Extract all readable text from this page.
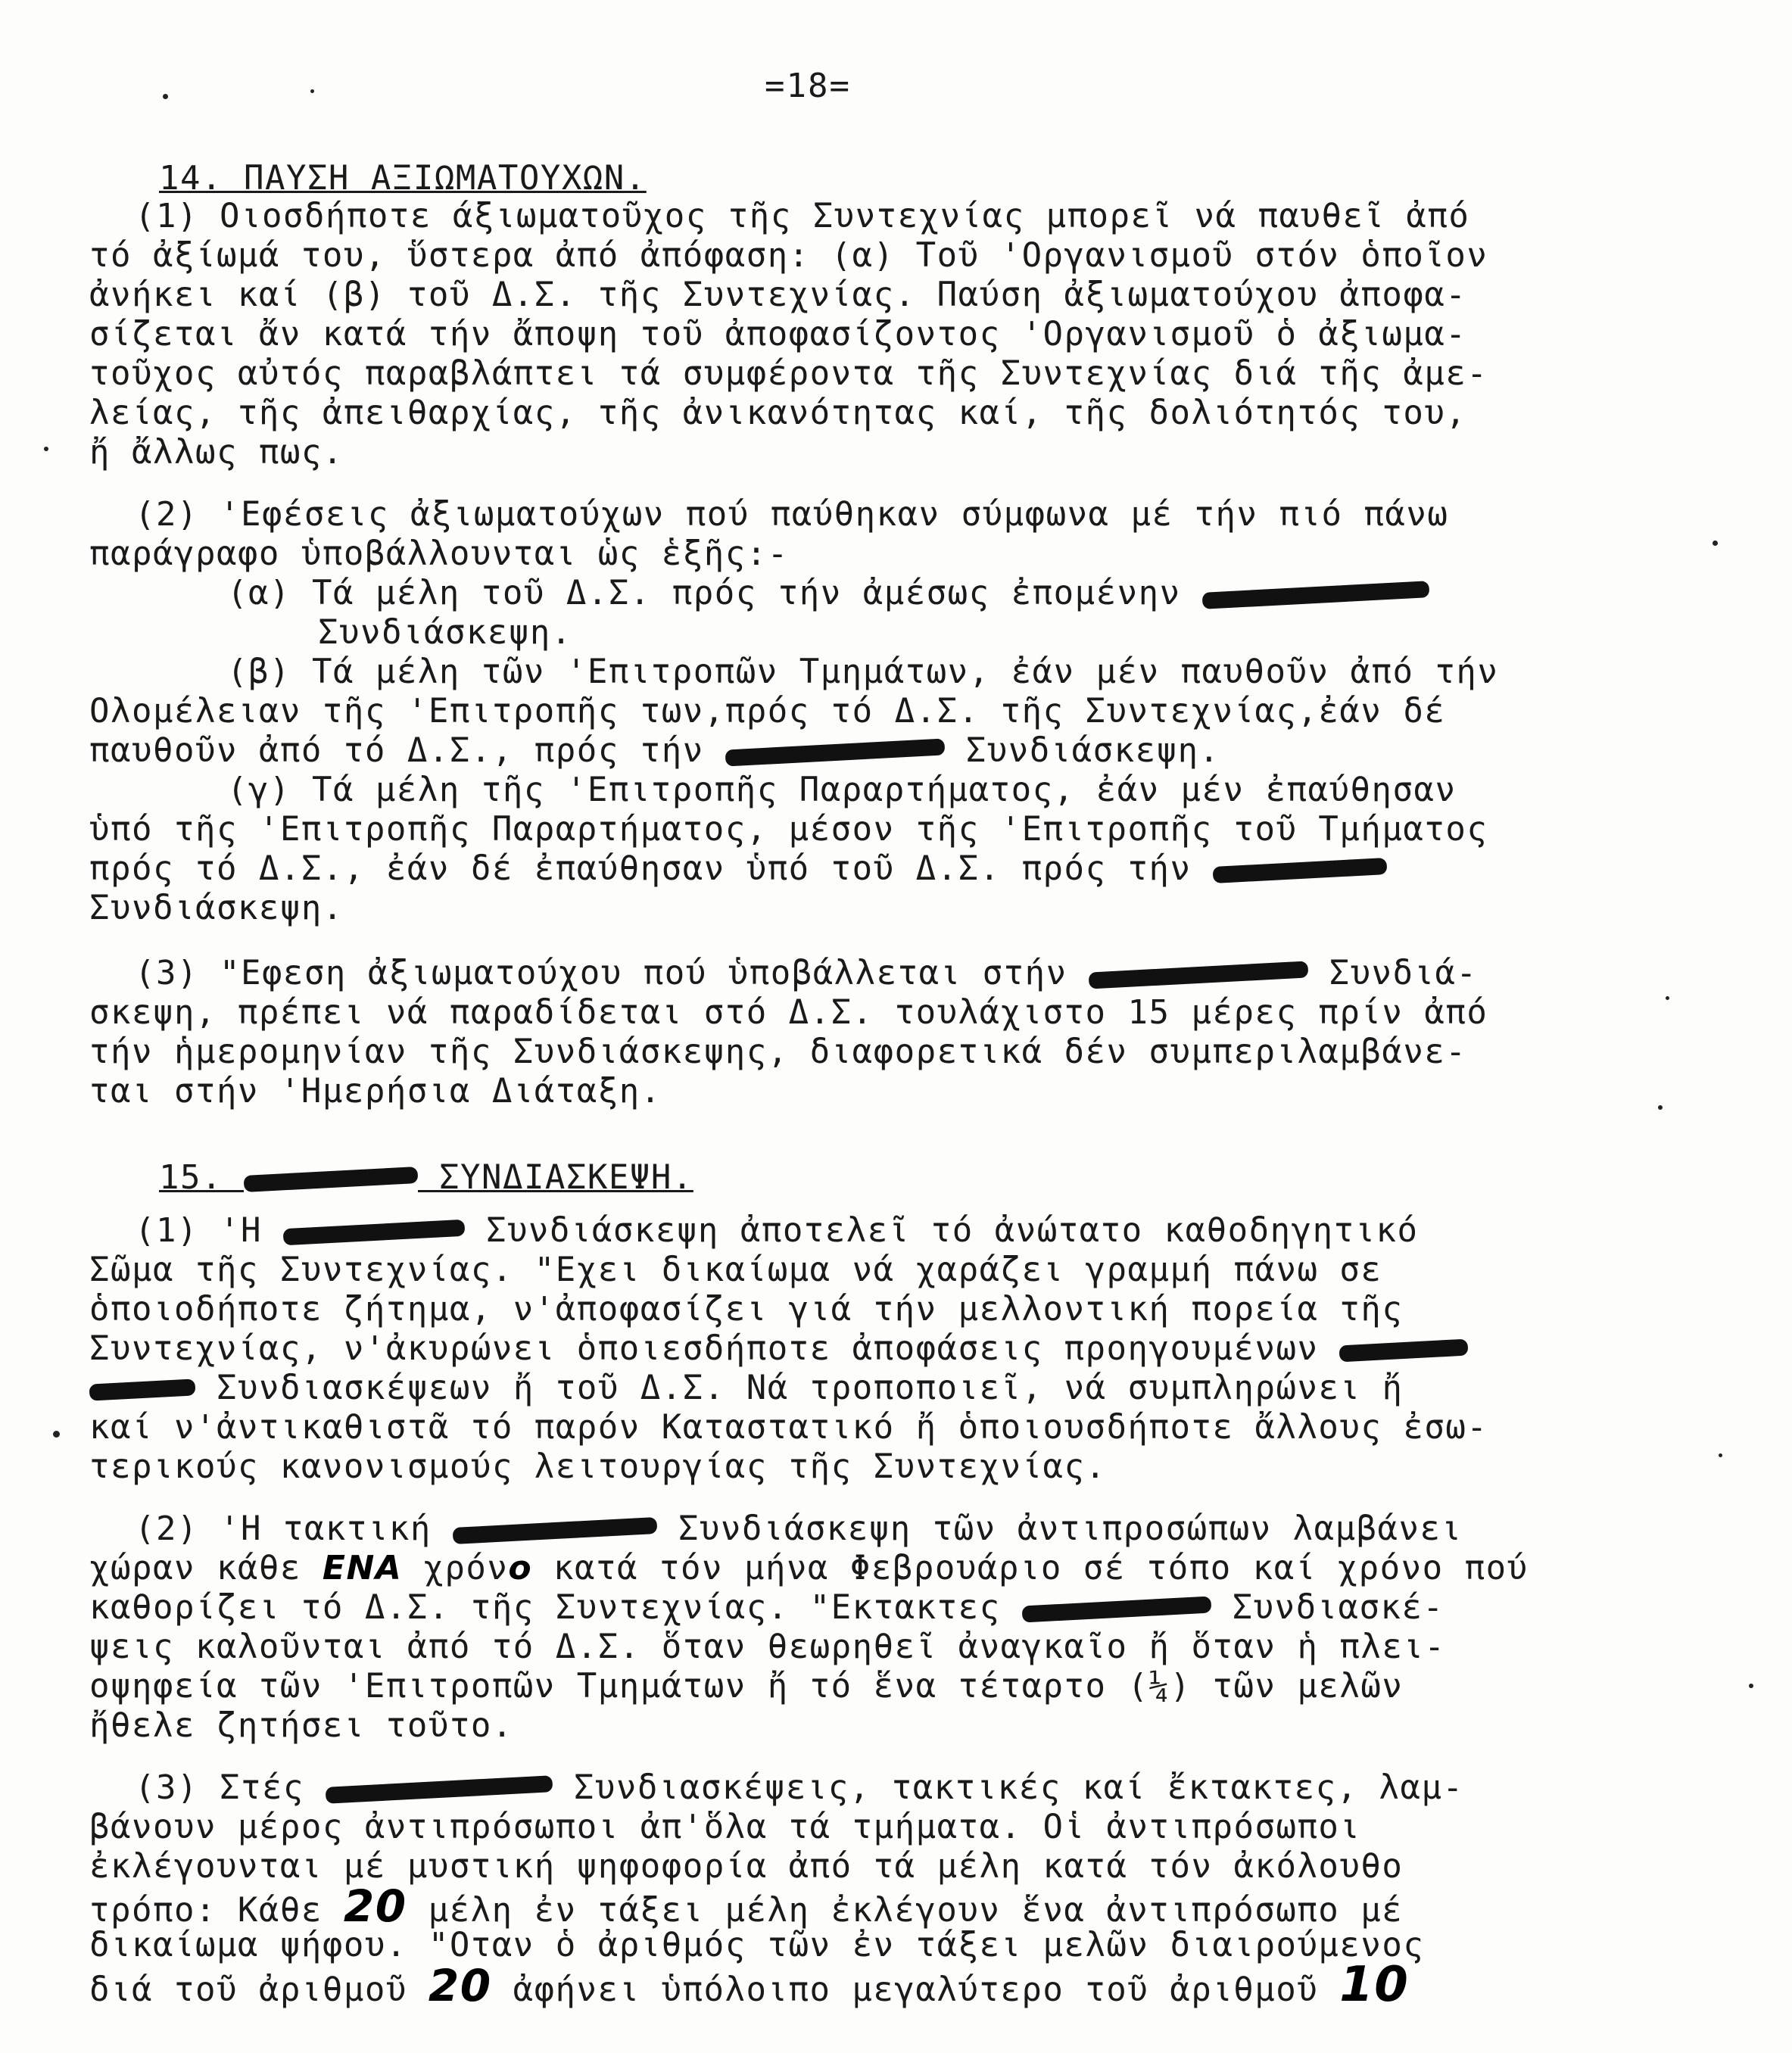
=18=
14. ΠΑΥΣΗ ΑΞΙΩΜΑΤΟΥΧΩΝ.
(1) Οιοσδήποτε άξιωματοῦχος τῆς Συντεχνίας μπορεῖ νά παυθεῖ ἀπό
τό ἀξίωμά του, ὕστερα ἀπό ἀπόφαση: (α) Τοῦ 'Οργανισμοῦ στόν ὁποῖον
ἀνήκει καί (β) τοῦ Δ.Σ. τῆς Συντεχνίας. Παύση ἀξιωματούχου ἀποφα-
σίζεται ἄν κατά τήν ἄποψη τοῦ ἀποφασίζοντος 'Οργανισμοῦ ὁ ἀξιωμα-
τοῦχος αὐτός παραβλάπτει τά συμφέροντα τῆς Συντεχνίας διά τῆς ἀμε-
λείας, τῆς ἀπειθαρχίας, τῆς ἀνικανότητας καί, τῆς δολιότητός του,
ἤ ἄλλως πως.
(2) 'Εφέσεις ἀξιωματούχων πού παύθηκαν σύμφωνα μέ τήν πιό πάνω
παράγραφο ὑποβάλλουνται ὡς ἑξῆς:-
(α) Τά μέλη τοῦ Δ.Σ. πρός τήν ἀμέσως ἐπομένην
Συνδιάσκεψη.
(β) Τά μέλη τῶν 'Επιτροπῶν Τμημάτων, ἐάν μέν παυθοῦν ἀπό τήν
Ολομέλειαν τῆς 'Επιτροπῆς των,πρός τό Δ.Σ. τῆς Συντεχνίας,ἐάν δέ
παυθοῦν ἀπό τό Δ.Σ., πρός τήν	Συνδιάσκεψη.
(γ) Τά μέλη τῆς 'Επιτροπῆς Παραρτήματος, ἐάν μέν ἐπαύθησαν
ὑπό τῆς 'Επιτροπῆς Παραρτήματος, μέσον τῆς 'Επιτροπῆς τοῦ Τμήματος
πρός τό Δ.Σ., ἐάν δέ ἐπαύθησαν ὑπό τοῦ Δ.Σ. πρός τήν
Συνδιάσκεψη.
(3) "Εφεση ἀξιωματούχου πού ὑποβάλλεται στήν	Συνδιά-
σκεψη, πρέπει νά παραδίδεται στό Δ.Σ. τουλάχιστο 15 μέρες πρίν ἀπό
τήν ἡμερομηνίαν τῆς Συνδιάσκεψης, διαφορετικά δέν συμπεριλαμβάνε-
ται στήν 'Ημερήσια Διάταξη.
15.	ΣΥΝΔΙΑΣΚΕΨΗ.
(1) 'Η	Συνδιάσκεψη ἀποτελεῖ τό ἀνώτατο καθοδηγητικό
Σῶμα τῆς Συντεχνίας. "Εχει δικαίωμα νά χαράζει γραμμή πάνω σε
ὁποιοδήποτε ζήτημα, ν'ἀποφασίζει γιά τήν μελλοντική πορεία τῆς
Συντεχνίας, ν'ἀκυρώνει ὁποιεσδήποτε ἀποφάσεις προηγουμένων
Συνδιασκέψεων ἤ τοῦ Δ.Σ. Νά τροποποιεῖ, νά συμπληρώνει ἤ
καί ν'ἀντικαθιστᾶ τό παρόν Καταστατικό ἤ ὁποιουσδήποτε ἄλλους ἐσω-
τερικούς κανονισμούς λειτουργίας τῆς Συντεχνίας.
(2) 'Η τακτική	Συνδιάσκεψη τῶν ἀντιπροσώπων λαμβάνει
χώραν κάθε ΕΝΑ χρόνο κατά τόν μήνα Φεβρουάριο σέ τόπο καί χρόνο πού
καθορίζει τό Δ.Σ. τῆς Συντεχνίας. "Εκτακτες	Συνδιασκέ-
ψεις καλοῦνται ἀπό τό Δ.Σ. ὅταν θεωρηθεῖ ἀναγκαῖο ἤ ὅταν ἡ πλει-
οψηφεία τῶν 'Επιτροπῶν Τμημάτων ἤ τό ἕνα τέταρτο (¼) τῶν μελῶν
ἤθελε ζητήσει τοῦτο.
(3) Στές	Συνδιασκέψεις, τακτικές καί ἔκτακτες, λαμ-
βάνουν μέρος ἀντιπρόσωποι ἀπ'ὅλα τά τμήματα. Οἱ ἀντιπρόσωποι
ἐκλέγουνται μέ μυστική ψηφοφορία ἀπό τά μέλη κατά τόν ἀκόλουθο
τρόπο: Κάθε 20 μέλη ἐν τάξει μέλη ἐκλέγουν ἕνα ἀντιπρόσωπο μέ
δικαίωμα ψήφου. "Οταν ὁ ἀριθμός τῶν ἐν τάξει μελῶν διαιρούμενος
διά τοῦ ἀριθμοῦ 20 ἀφήνει ὑπόλοιπο μεγαλύτερο τοῦ ἀριθμοῦ 10
